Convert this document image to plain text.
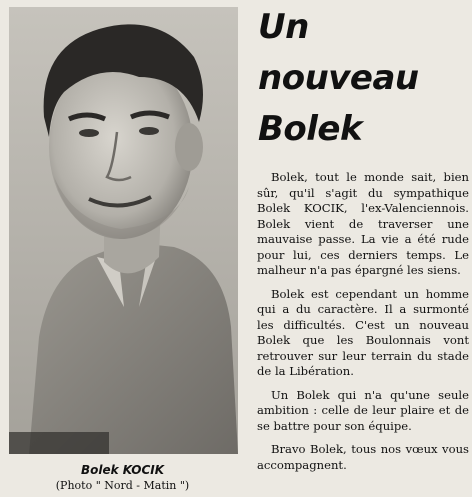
Bolek KOCIK
(Photo " Nord - Matin ")
Un
nouveau
Bolek

Bolek, tout le monde sait, bien sûr, qu'il s'agit du sympathique Bolek KOCIK, l'ex-Valenciennois. Bolek vient de traverser une mauvaise passe. La vie a été rude pour lui, ces derniers temps. Le malheur n'a pas épargné les siens.

Bolek est cependant un homme qui a du caractère. Il a surmonté les difficultés. C'est un nouveau Bolek que les Boulonnais vont retrouver sur leur terrain du stade de la Libération.

Un Bolek qui n'a qu'une seule ambition : celle de leur plaire et de se battre pour son équipe.

Bravo Bolek, tous nos vœux vous accompagnent.
